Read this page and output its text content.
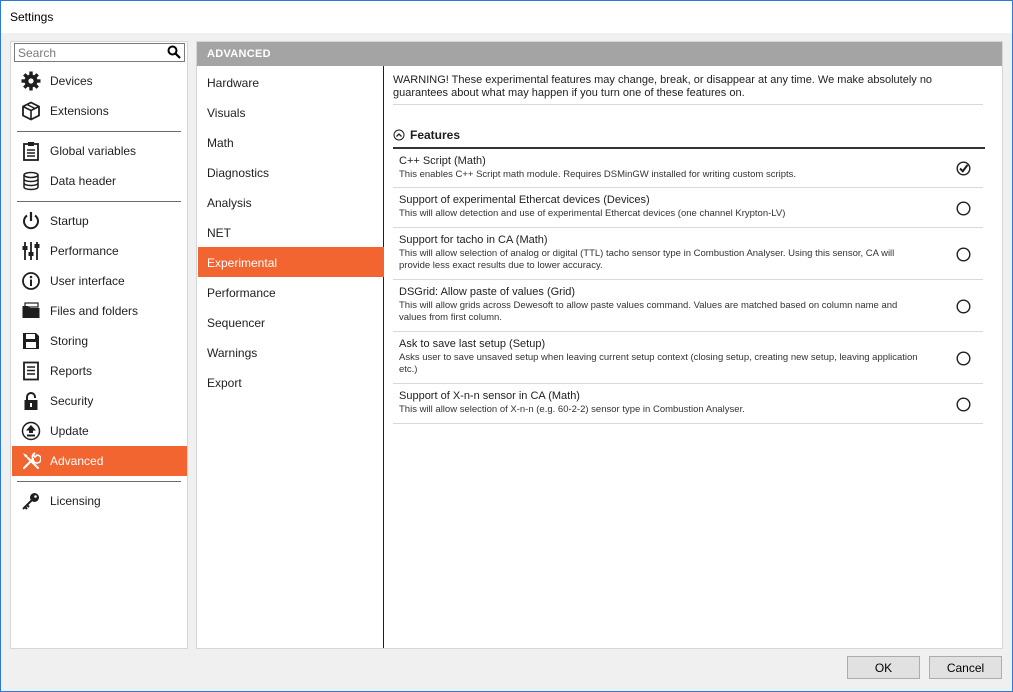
Settings
Search
Devices
Extensions
Global variables
Data header
Startup
Performance
User interface
Files and folders
Storing
Reports
Security
Update
Advanced
Licensing
ADVANCED
Hardware
Visuals
Math
Diagnostics
Analysis
NET
Experimental
Performance
Sequencer
Warnings
Export
WARNING! These experimental features may change, break, or disappear at any time. We make absolutely no guarantees about what may happen if you turn one of these features on.
Features
C++ Script (Math)
This enables C++ Script math module. Requires DSMinGW installed for writing custom scripts.
Support of experimental Ethercat devices (Devices)
This will allow detection and use of experimental Ethercat devices (one channel Krypton-LV)
Support for tacho in CA (Math)
This will allow selection of analog or digital (TTL) tacho sensor type in Combustion Analyser. Using this sensor, CA will provide less exact results due to lower accuracy.
DSGrid: Allow paste of values (Grid)
This will allow grids across Dewesoft to allow paste values command. Values are matched based on column name and values from first column.
Ask to save last setup (Setup)
Asks user to save unsaved setup when leaving current setup context (closing setup, creating new setup, leaving application etc.)
Support of X-n-n sensor in CA (Math)
This will allow selection of X-n-n (e.g. 60-2-2) sensor type in Combustion Analyser.
OK	Cancel
